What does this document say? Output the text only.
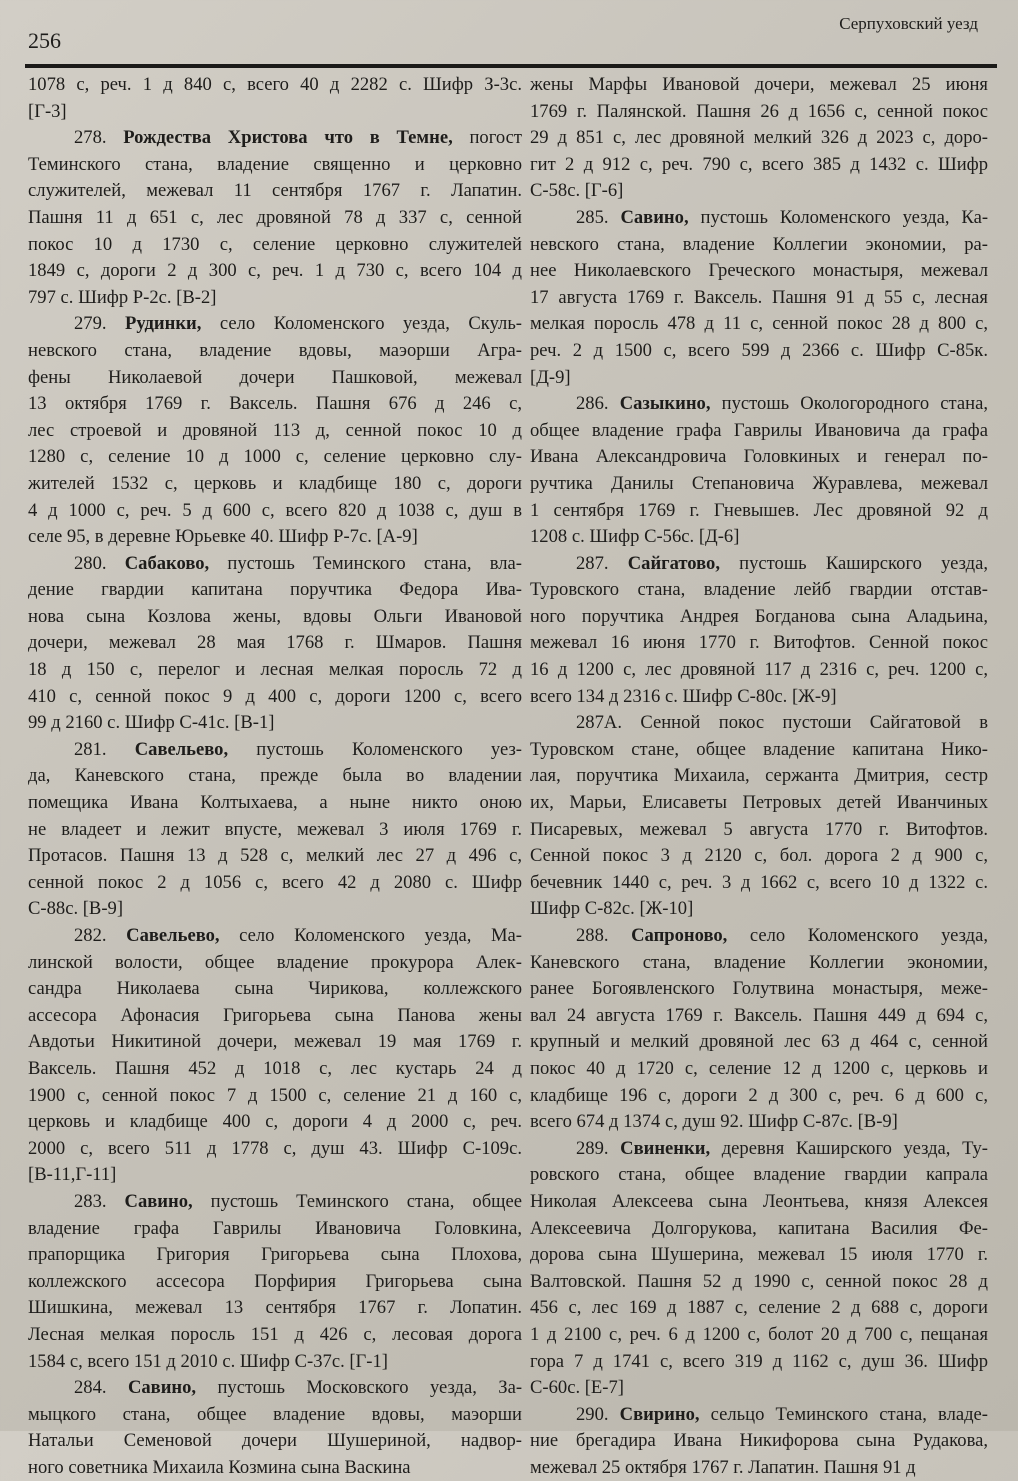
256
Серпуховский уезд
1078 с, реч. 1 д 840 с, всего 40 д 2282 с. Шифр З-3с.
[Г-3]
278. Рождества Христова что в Темне, погост
Теминского стана, владение священно и церковно
служителей, межевал 11 сентября 1767 г. Лапатин.
Пашня 11 д 651 с, лес дровяной 78 д 337 с, сенной
покос 10 д 1730 с, селение церковно служителей
1849 с, дороги 2 д 300 с, реч. 1 д 730 с, всего 104 д
797 с. Шифр Р-2с. [В-2]
279. Рудинки, село Коломенского уезда, Скуль-
невского стана, владение вдовы, маэорши Агра-
фены Николаевой дочери Пашковой, межевал
13 октября 1769 г. Ваксель. Пашня 676 д 246 с,
лес строевой и дровяной 113 д, сенной покос 10 д
1280 с, селение 10 д 1000 с, селение церковно слу-
жителей 1532 с, церковь и кладбище 180 с, дороги
4 д 1000 с, реч. 5 д 600 с, всего 820 д 1038 с, душ в
селе 95, в деревне Юрьевке 40. Шифр Р-7с. [А-9]
280. Сабаково, пустошь Теминского стана, вла-
дение гвардии капитана поручтика Федора Ива-
нова сына Козлова жены, вдовы Ольги Ивановой
дочери, межевал 28 мая 1768 г. Шмаров. Пашня
18 д 150 с, перелог и лесная мелкая поросль 72 д
410 с, сенной покос 9 д 400 с, дороги 1200 с, всего
99 д 2160 с. Шифр С-41с. [В-1]
281. Савельево, пустошь Коломенского уез-
да, Каневского стана, прежде была во владении
помещика Ивана Колтыхаева, а ныне никто оною
не владеет и лежит впусте, межевал 3 июля 1769 г.
Протасов. Пашня 13 д 528 с, мелкий лес 27 д 496 с,
сенной покос 2 д 1056 с, всего 42 д 2080 с. Шифр
С-88с. [В-9]
282. Савельево, село Коломенского уезда, Ма-
линской волости, общее владение прокурора Алек-
сандра Николаева сына Чирикова, коллежского
ассесора Афонасия Григорьева сына Панова жены
Авдотьи Никитиной дочери, межевал 19 мая 1769 г.
Ваксель. Пашня 452 д 1018 с, лес кустарь 24 д
1900 с, сенной покос 7 д 1500 с, селение 21 д 160 с,
церковь и кладбище 400 с, дороги 4 д 2000 с, реч.
2000 с, всего 511 д 1778 с, душ 43. Шифр С-109с.
[В-11,Г-11]
283. Савино, пустошь Теминского стана, общее
владение графа Гаврилы Ивановича Головкина,
прапорщика Григория Григорьева сына Плохова,
коллежского ассесора Порфирия Григорьева сына
Шишкина, межевал 13 сентября 1767 г. Лопатин.
Лесная мелкая поросль 151 д 426 с, лесовая дорога
1584 с, всего 151 д 2010 с. Шифр С-37с. [Г-1]
284. Савино, пустошь Московского уезда, За-
мыцкого стана, общее владение вдовы, маэорши
Натальи Семеновой дочери Шушериной, надвор-
ного советника Михаила Козмина сына Васкина
жены Марфы Ивановой дочери, межевал 25 июня
1769 г. Палянской. Пашня 26 д 1656 с, сенной покос
29 д 851 с, лес дровяной мелкий 326 д 2023 с, доро-
гит 2 д 912 с, реч. 790 с, всего 385 д 1432 с. Шифр
С-58с. [Г-6]
285. Савино, пустошь Коломенского уезда, Ка-
невского стана, владение Коллегии экономии, ра-
нее Николаевского Греческого монастыря, межевал
17 августа 1769 г. Ваксель. Пашня 91 д 55 с, лесная
мелкая поросль 478 д 11 с, сенной покос 28 д 800 с,
реч. 2 д 1500 с, всего 599 д 2366 с. Шифр С-85к.
[Д-9]
286. Сазыкино, пустошь Окологородного стана,
общее владение графа Гаврилы Ивановича да графа
Ивана Александровича Головкиных и генерал по-
ручтика Данилы Степановича Журавлева, межевал
1 сентября 1769 г. Гневышев. Лес дровяной 92 д
1208 с. Шифр С-56с. [Д-6]
287. Сайгатово, пустошь Каширского уезда,
Туровского стана, владение лейб гвардии отстав-
ного поручтика Андрея Богданова сына Аладьина,
межевал 16 июня 1770 г. Витофтов. Сенной покос
16 д 1200 с, лес дровяной 117 д 2316 с, реч. 1200 с,
всего 134 д 2316 с. Шифр С-80с. [Ж-9]
287А. Сенной покос пустоши Сайгатовой в
Туровском стане, общее владение капитана Нико-
лая, поручтика Михаила, сержанта Дмитрия, сестр
их, Марьи, Елисаветы Петровых детей Иванчиных
Писаревых, межевал 5 августа 1770 г. Витофтов.
Сенной покос 3 д 2120 с, бол. дорога 2 д 900 с,
бечевник 1440 с, реч. 3 д 1662 с, всего 10 д 1322 с.
Шифр С-82с. [Ж-10]
288. Сапроново, село Коломенского уезда,
Каневского стана, владение Коллегии экономии,
ранее Богоявленского Голутвина монастыря, меже-
вал 24 августа 1769 г. Ваксель. Пашня 449 д 694 с,
крупный и мелкий дровяной лес 63 д 464 с, сенной
покос 40 д 1720 с, селение 12 д 1200 с, церковь и
кладбище 196 с, дороги 2 д 300 с, реч. 6 д 600 с,
всего 674 д 1374 с, душ 92. Шифр С-87с. [В-9]
289. Свиненки, деревня Каширского уезда, Ту-
ровского стана, общее владение гвардии капрала
Николая Алексеева сына Леонтьева, князя Алексея
Алексеевича Долгорукова, капитана Василия Фе-
дорова сына Шушерина, межевал 15 июля 1770 г.
Валтовской. Пашня 52 д 1990 с, сенной покос 28 д
456 с, лес 169 д 1887 с, селение 2 д 688 с, дороги
1 д 2100 с, реч. 6 д 1200 с, болот 20 д 700 с, пещаная
гора 7 д 1741 с, всего 319 д 1162 с, душ 36. Шифр
С-60с. [Е-7]
290. Свирино, сельцо Теминского стана, владе-
ние брегадира Ивана Никифорова сына Рудакова,
межевал 25 октября 1767 г. Лапатин. Пашня 91 д
